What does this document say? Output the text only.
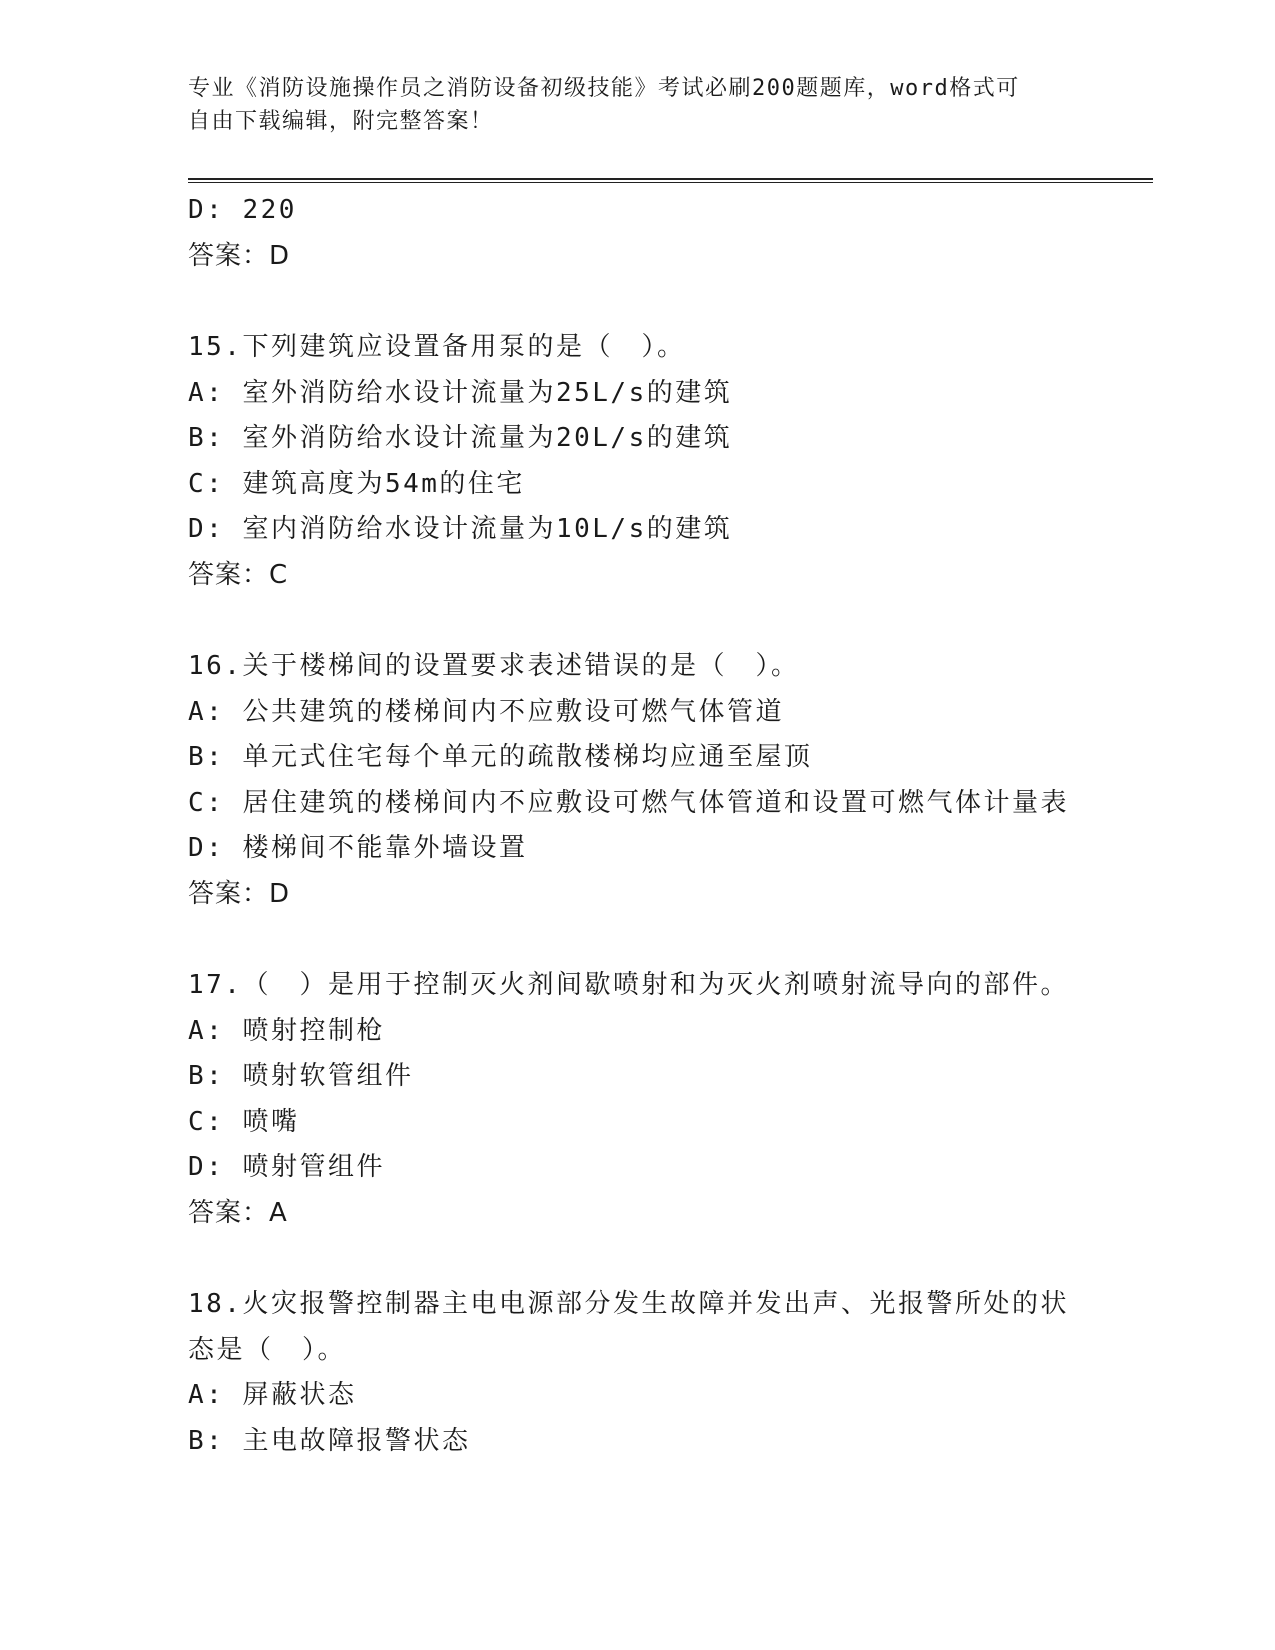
专业《消防设施操作员之消防设备初级技能》考试必刷200题题库，word格式可
自由下载编辑，附完整答案！
D: 220
答案：D
15.下列建筑应设置备用泵的是（　）。
A: 室外消防给水设计流量为25L/s的建筑
B: 室外消防给水设计流量为20L/s的建筑
C: 建筑高度为54m的住宅
D: 室内消防给水设计流量为10L/s的建筑
答案：C
16.关于楼梯间的设置要求表述错误的是（　）。
A: 公共建筑的楼梯间内不应敷设可燃气体管道
B: 单元式住宅每个单元的疏散楼梯均应通至屋顶
C: 居住建筑的楼梯间内不应敷设可燃气体管道和设置可燃气体计量表
D: 楼梯间不能靠外墙设置
答案：D
17.（　）是用于控制灭火剂间歇喷射和为灭火剂喷射流导向的部件。
A: 喷射控制枪
B: 喷射软管组件
C: 喷嘴
D: 喷射管组件
答案：A
18.火灾报警控制器主电电源部分发生故障并发出声、光报警所处的状
态是（　）。
A: 屏蔽状态
B: 主电故障报警状态
